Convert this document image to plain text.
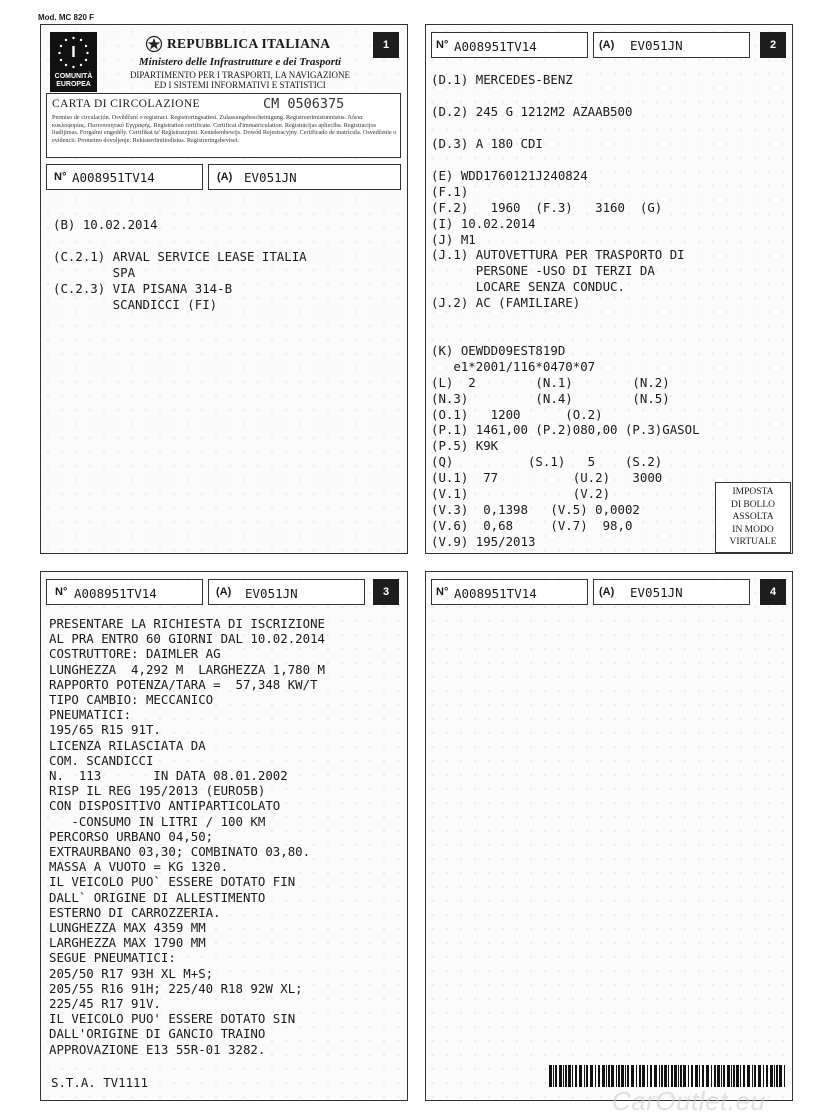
Mod. MC 820 F
I
COMUNITÀ
EUROPEA
REPUBBLICA ITALIANA
Ministero delle Infrastrutture e dei Trasporti
DIPARTIMENTO PER I TRASPORTI, LA NAVIGAZIONE
ED I SISTEMI INFORMATIVI E STATISTICI
1
CARTA DI CIRCOLAZIONE	CM 0506375
Permiso de circulación. Osvědčení o registraci. Registreringsattest. Zulassungsbescheinigung. Registreerimistunnistus. Άδεια κυκλοφορίας. Πιστοποιητικό Εγγραφής. Registration certificate. Certificat d'immatriculation. Reģistrācijas apliecība. Registracijos liudijimas. Forgalmi engedély. Certifikat ta' Reġistrazzjoni. Kentekenbewijs. Dowód Rejestracyjny. Certificado de matrícula. Osvedčenie o evidencii. Prometno dovoljenje. Rekisteröintitodistus. Registreringsbeviset.
N° A008951TV14	(A) EV051JN
(B) 10.02.2014
(C.2.1) ARVAL SERVICE LEASE ITALIA
SPA
(C.2.3) VIA PISANA 314-B
SCANDICCI (FI)
N° A008951TV14	(A) EV051JN	2
(D.1) MERCEDES-BENZ
(D.2) 245 G 1212M2 AZAAB500
(D.3) A 180 CDI
(E) WDD1760121J240824
(F.1)
(F.2)   1960  (F.3)   3160  (G)
(I) 10.02.2014
(J) M1
(J.1) AUTOVETTURA PER TRASPORTO DI
PERSONE -USO DI TERZI DA
LOCARE SENZA CONDUC.
(J.2) AC (FAMILIARE)
(K) OEWDD09EST819D
e1*2001/116*0470*07
(L)  2        (N.1)        (N.2)
(N.3)         (N.4)        (N.5)
(O.1)   1200      (O.2)
(P.1) 1461,00 (P.2)080,00 (P.3)GASOL
(P.5) K9K
(Q)          (S.1)   5    (S.2)
(U.1)  77          (U.2)   3000
(V.1)              (V.2)
(V.3)  0,1398   (V.5) 0,0002
(V.6)  0,68     (V.7)  98,0
(V.9) 195/2013
IMPOSTA
DI BOLLO
ASSOLTA
IN MODO
VIRTUALE
N° A008951TV14	(A) EV051JN	3
PRESENTARE LA RICHIESTA DI ISCRIZIONE
AL PRA ENTRO 60 GIORNI DAL 10.02.2014
COSTRUTTORE: DAIMLER AG
LUNGHEZZA  4,292 M  LARGHEZZA 1,780 M
RAPPORTO POTENZA/TARA =  57,348 KW/T
TIPO CAMBIO: MECCANICO
PNEUMATICI:
195/65 R15 91T.
LICENZA RILASCIATA DA
COM. SCANDICCI
N.  113       IN DATA 08.01.2002
RISP IL REG 195/2013 (EURO5B)
CON DISPOSITIVO ANTIPARTICOLATO
-CONSUMO IN LITRI / 100 KM
PERCORSO URBANO 04,50;
EXTRAURBANO 03,30; COMBINATO 03,80.
MASSA A VUOTO = KG 1320.
IL VEICOLO PUO` ESSERE DOTATO FIN
DALL` ORIGINE DI ALLESTIMENTO
ESTERNO DI CARROZZERIA.
LUNGHEZZA MAX 4359 MM
LARGHEZZA MAX 1790 MM
SEGUE PNEUMATICI:
205/50 R17 93H XL M+S;
205/55 R16 91H; 225/40 R18 92W XL;
225/45 R17 91V.
IL VEICOLO PUO' ESSERE DOTATO SIN
DALL'ORIGINE DI GANCIO TRAINO
APPROVAZIONE E13 55R-01 3282.
S.T.A. TV1111
N° A008951TV14	(A) EV051JN	4
CarOutlet.eu
